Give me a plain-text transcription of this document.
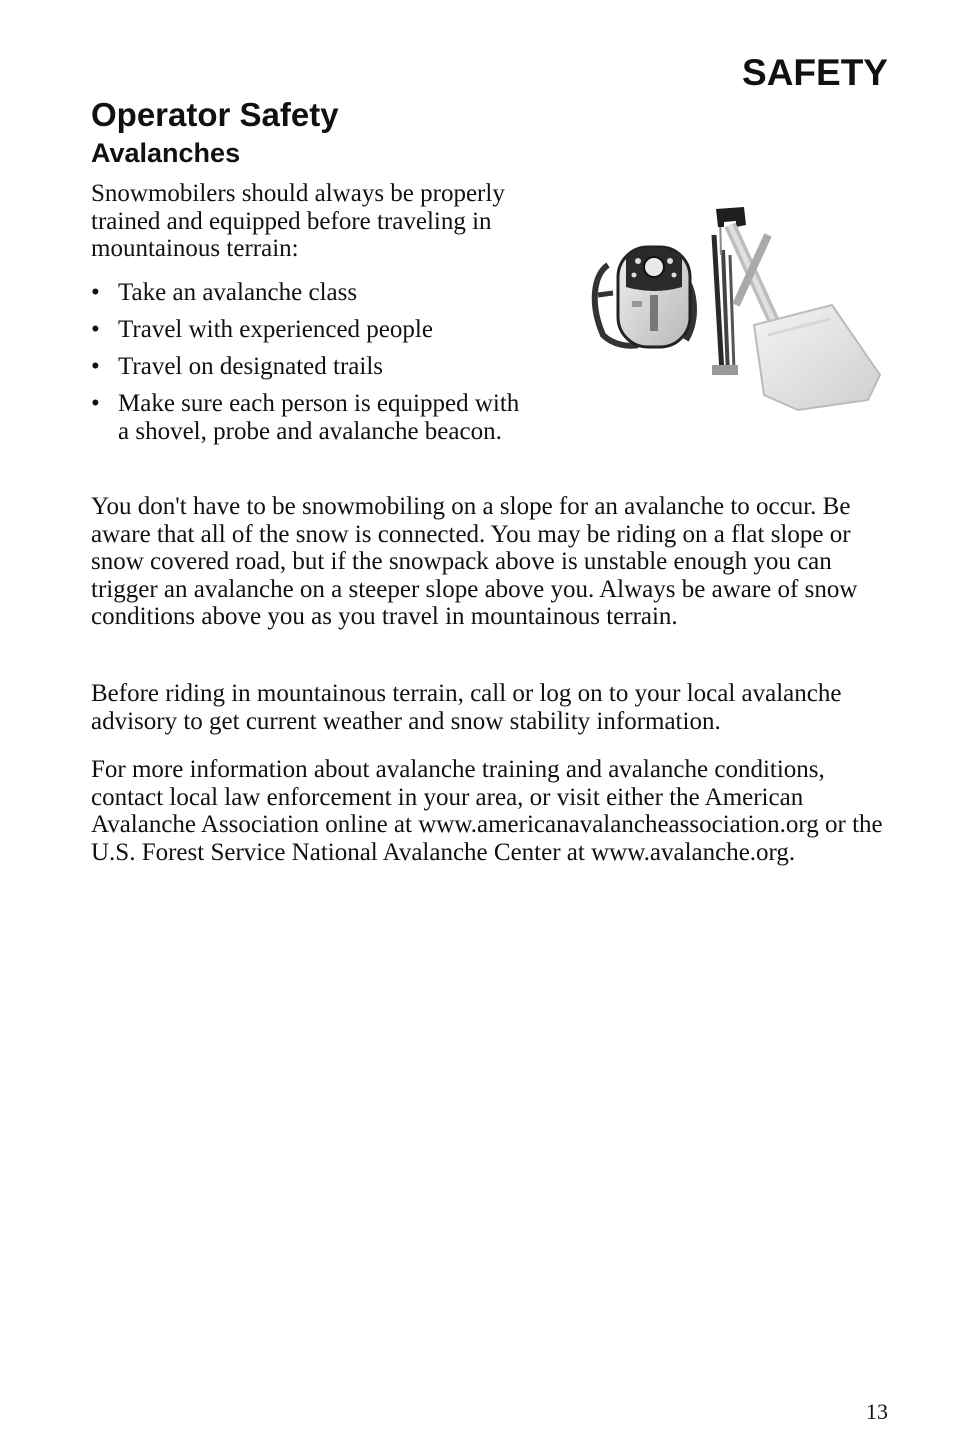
SAFETY
Operator Safety
Avalanches

Snowmobilers should always be properly trained and equipped before traveling in mountainous terrain:

• Take an avalanche class
• Travel with experienced people
• Travel on designated trails
• Make sure each person is equipped with a shovel, probe and avalanche beacon.

You don't have to be snowmobiling on a slope for an avalanche to occur. Be aware that all of the snow is connected. You may be riding on a flat slope or snow covered road, but if the snowpack above is unstable enough you can trigger an avalanche on a steeper slope above you. Always be aware of snow conditions above you as you travel in mountainous terrain.

Before riding in mountainous terrain, call or log on to your local avalanche advisory to get current weather and snow stability information.

For more information about avalanche training and avalanche conditions, contact local law enforcement in your area, or visit either the American Avalanche Association online at www.americanavalancheassociation.org or the U.S. Forest Service National Avalanche Center at www.avalanche.org.

13
